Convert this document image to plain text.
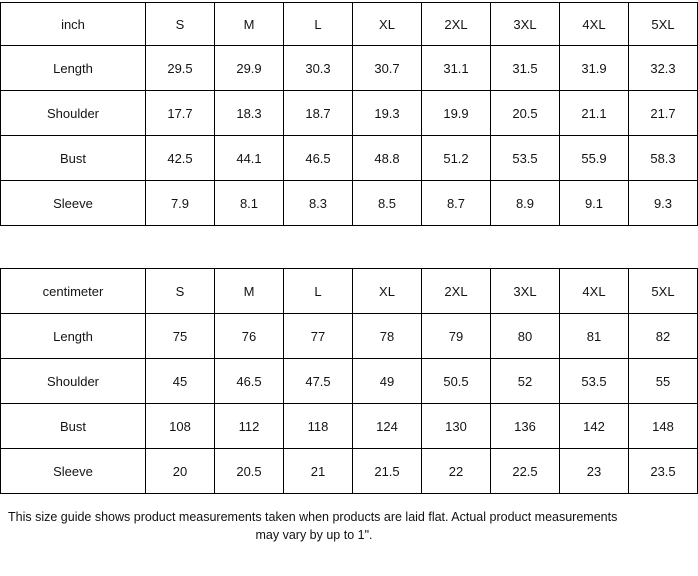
inch	S	M	L	XL	2XL	3XL	4XL	5XL
Length	29.5	29.9	30.3	30.7	31.1	31.5	31.9	32.3
Shoulder	17.7	18.3	18.7	19.3	19.9	20.5	21.1	21.7
Bust	42.5	44.1	46.5	48.8	51.2	53.5	55.9	58.3
Sleeve	7.9	8.1	8.3	8.5	8.7	8.9	9.1	9.3
centimeter	S	M	L	XL	2XL	3XL	4XL	5XL
Length	75	76	77	78	79	80	81	82
Shoulder	45	46.5	47.5	49	50.5	52	53.5	55
Bust	108	112	118	124	130	136	142	148
Sleeve	20	20.5	21	21.5	22	22.5	23	23.5
This size guide shows product measurements taken when products are laid flat. Actual product measurements
may vary by up to 1".
